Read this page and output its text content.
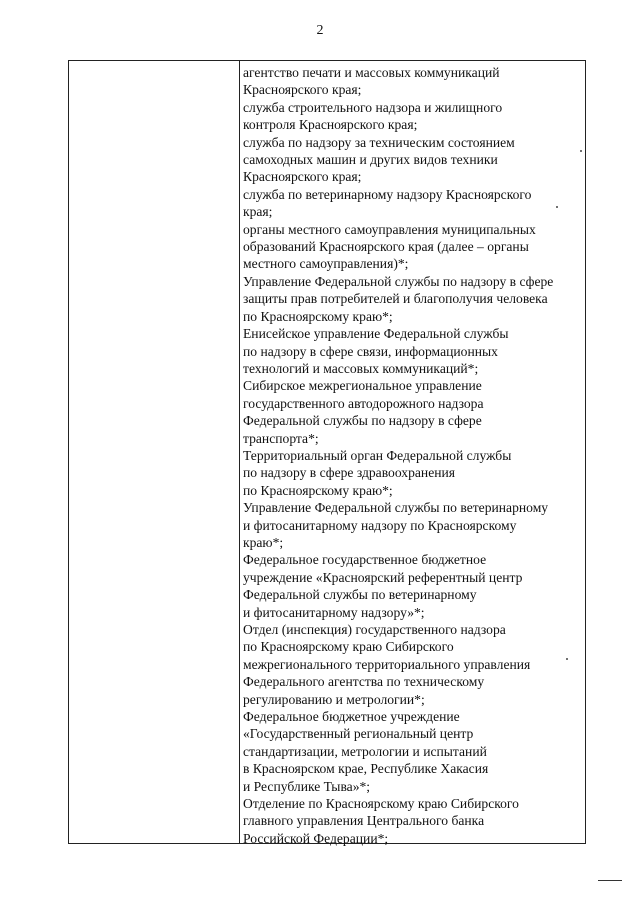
2
агентство печати и массовых коммуникаций
Красноярского края;
служба строительного надзора и жилищного
контроля Красноярского края;
служба по надзору за техническим состоянием
самоходных машин и других видов техники
Красноярского края;
служба по ветеринарному надзору Красноярского
края;
органы местного самоуправления муниципальных
образований Красноярского края (далее – органы
местного самоуправления)*;
Управление Федеральной службы по надзору в сфере
защиты прав потребителей и благополучия человека
по Красноярскому краю*;
Енисейское управление Федеральной службы
по надзору в сфере связи, информационных
технологий и массовых коммуникаций*;
Сибирское межрегиональное управление
государственного автодорожного надзора
Федеральной службы по надзору в сфере
транспорта*;
Территориальный орган Федеральной службы
по надзору в сфере здравоохранения
по Красноярскому краю*;
Управление Федеральной службы по ветеринарному
и фитосанитарному надзору по Красноярскому
краю*;
Федеральное государственное бюджетное
учреждение «Красноярский референтный центр
Федеральной службы по ветеринарному
и фитосанитарному надзору»*;
Отдел (инспекция) государственного надзора
по Красноярскому краю Сибирского
межрегионального территориального управления
Федерального агентства по техническому
регулированию и метрологии*;
Федеральное бюджетное учреждение
«Государственный региональный центр
стандартизации, метрологии и испытаний
в Красноярском крае, Республике Хакасия
и Республике Тыва»*;
Отделение по Красноярскому краю Сибирского
главного управления Центрального банка
Российской Федерации*;
